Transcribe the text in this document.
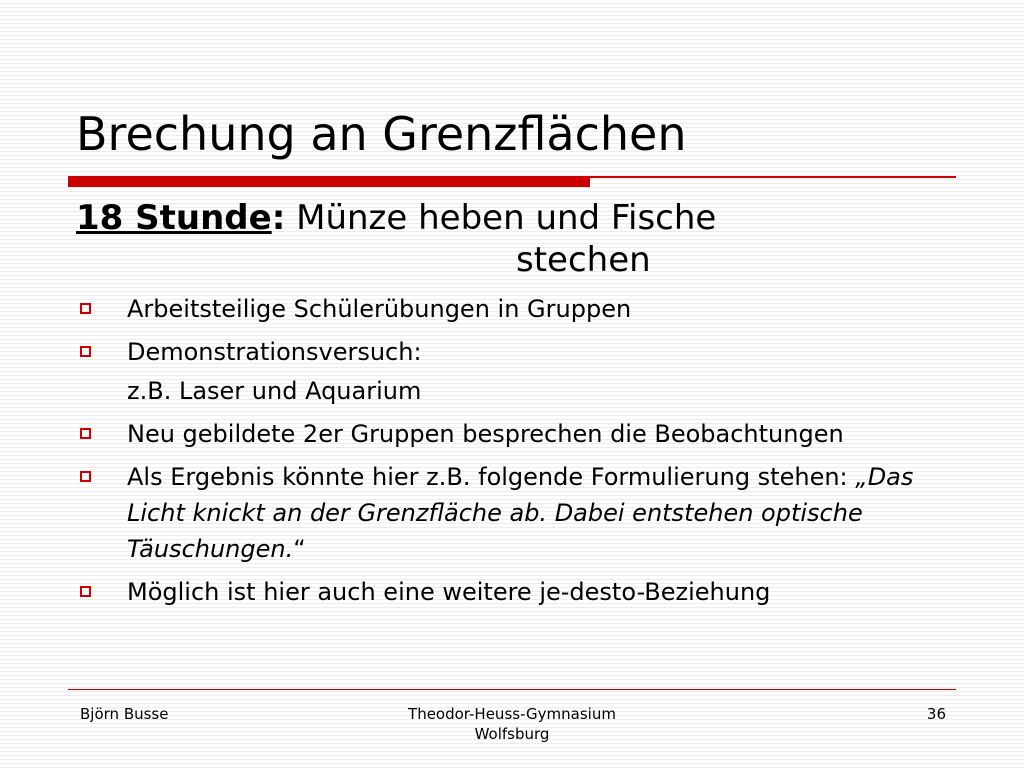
Brechung an Grenzflächen
18 Stunde: Münze heben und Fische
stechen
Arbeitsteilige Schülerübungen in Gruppen
Demonstrationsversuch:
z.B. Laser und Aquarium
Neu gebildete 2er Gruppen besprechen die Beobachtungen
Als Ergebnis könnte hier z.B. folgende Formulierung stehen: „Das Licht knickt an der Grenzfläche ab. Dabei entstehen optische Täuschungen.“
Möglich ist hier auch eine weitere je-desto-Beziehung
Björn Busse	Theodor-Heuss-Gymnasium
Wolfsburg
36
